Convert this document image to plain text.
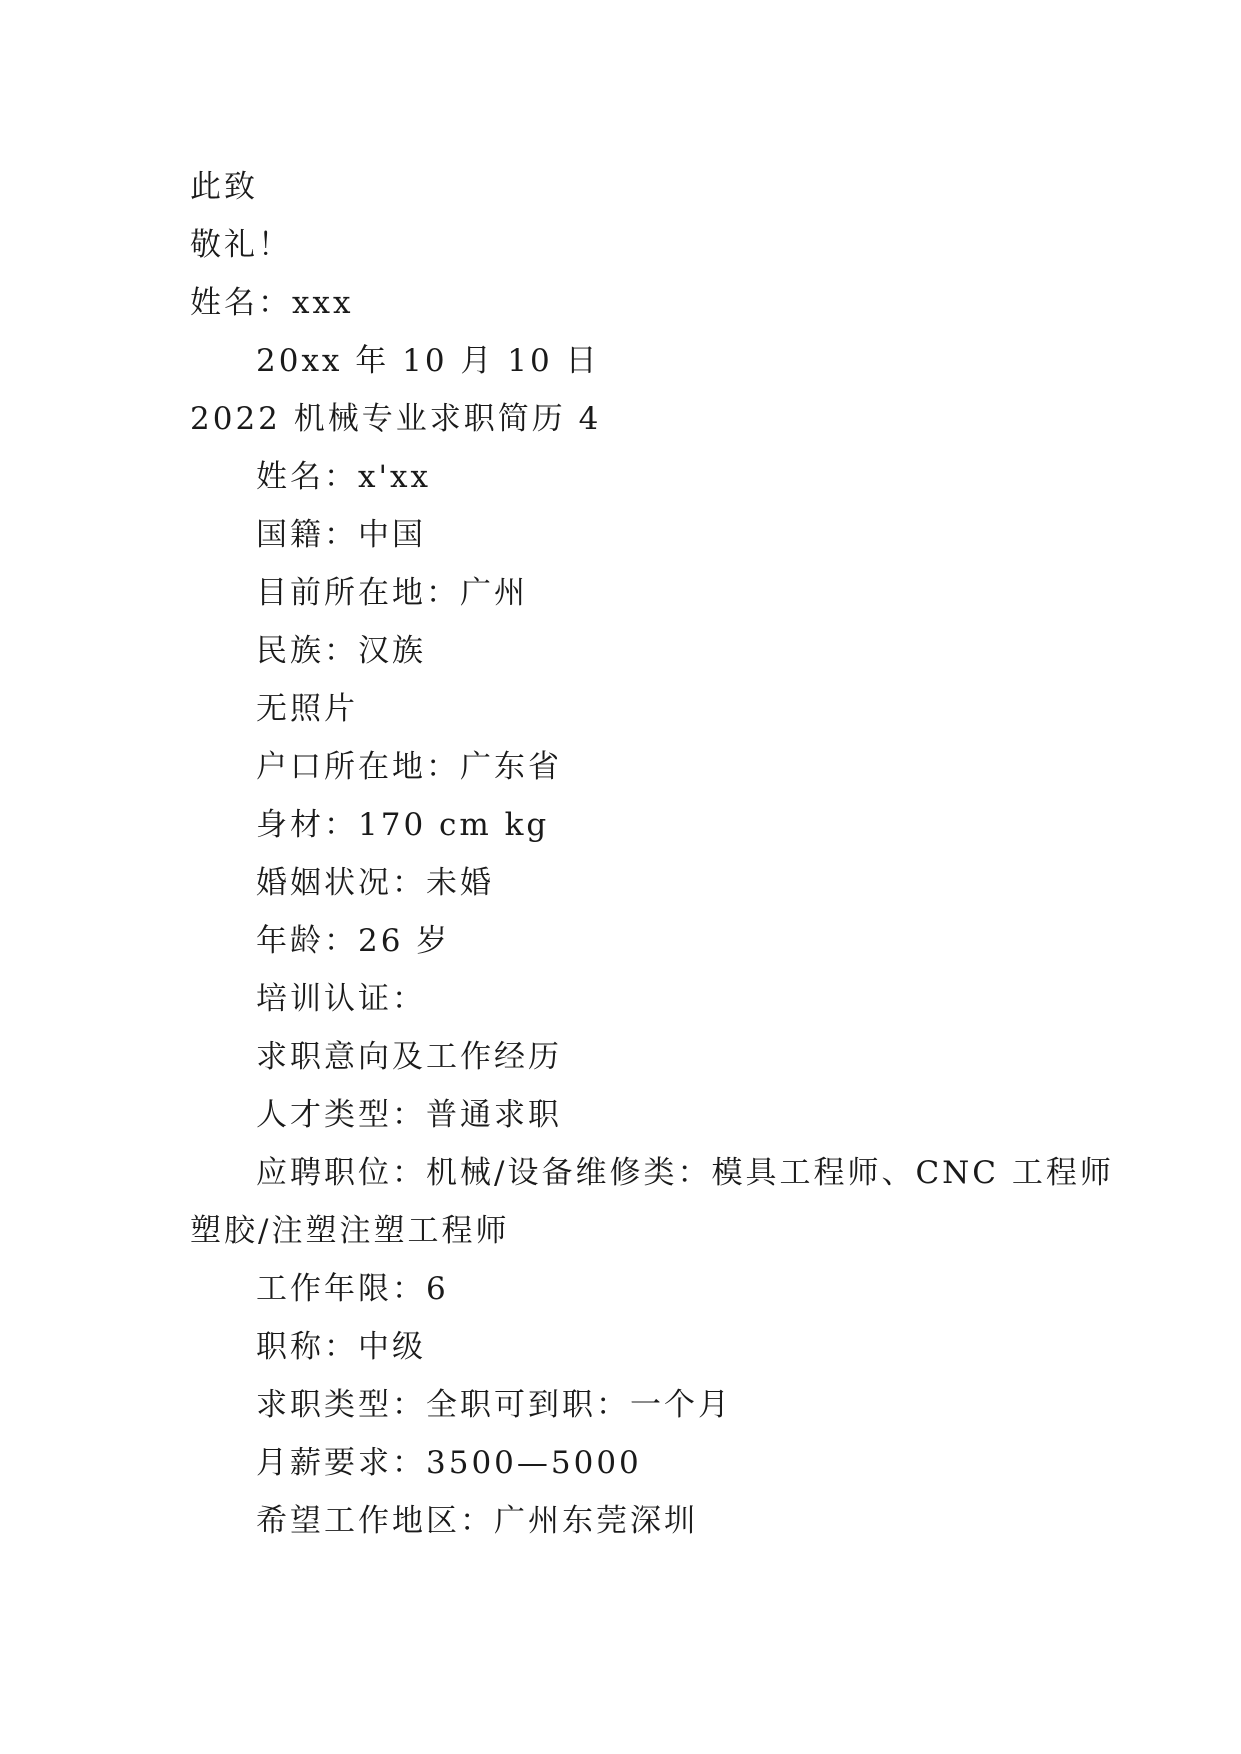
此致
敬礼！
姓名：xxx
20xx 年 10 月 10 日
2022 机械专业求职简历 4
姓名：x'xx
国籍：中国
目前所在地：广州
民族：汉族
无照片
户口所在地：广东省
身材：170 cm kg
婚姻状况：未婚
年龄：26 岁
培训认证：
求职意向及工作经历
人才类型：普通求职
应聘职位：机械/设备维修类：模具工程师、CNC 工程师
塑胶/注塑注塑工程师
工作年限：6
职称：中级
求职类型：全职可到职：一个月
月薪要求：3500—5000
希望工作地区：广州东莞深圳
